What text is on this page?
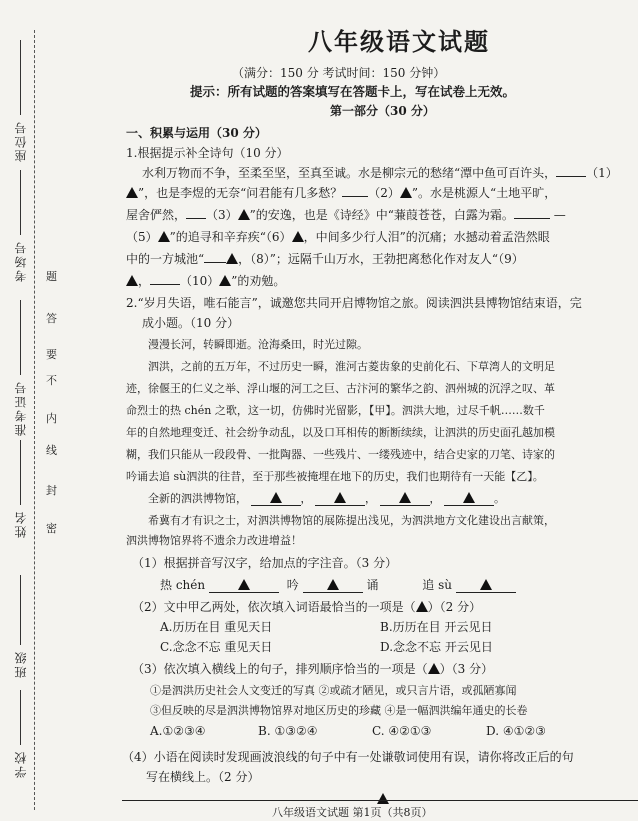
座位号
考场号
准考证号
姓名
班级
学校
题
答
要
不
内
线
封
密
八年级语文试题
（满分：150 分 考试时间：150 分钟）
提示：所有试题的答案填写在答题卡上，写在试卷上无效。
第一部分（30 分）
一、积累与运用（30 分）
1.根据提示补全诗句（10 分）
水利万物而不争，至柔至坚，至真至诚。水是柳宗元的愁绪“潭中鱼可百许头，	（1）
”，也是李煜的无奈“问君能有几多愁？ （2） ”。水是桃源人“土地平旷，
屋舍俨然， （3） ”的安逸，也是《诗经》中“蒹葭苍苍，白露为霜。	—
（5） ”的追寻和辛弃疾“（6） ，中间多少行人泪”的沉痛；水撼动着孟浩然眼
中的一方城池“	，（8）”；远隔千山万水，王勃把离愁化作对友人“（9）
，	（10） ”的劝勉。
2.“岁月失语，唯石能言”，诚邀您共同开启博物馆之旅。阅读泗洪县博物馆结束语，完
成小题。（10 分）
漫漫长河，转瞬即逝。沧海桑田，时光过隙。
泗洪，之前的五万年，不过历史一瞬，淮河古菱齿象的史前化石、下草湾人的文明足
迹，徐偃王的仁义之举、浮山堰的河工之巨、古汴河的繁华之韵、泗州城的沉浮之叹、革
命烈士的热 chén 之歌，这一切，仿佛时光留影，【甲】。泗洪大地，过尽千帆……数千
年的自然地理变迁、社会纷争动乱，以及口耳相传的断断续续，让泗洪的历史面孔越加模
糊，我们只能从一段段骨、一批陶器、一些残片、一缕残迹中，结合史家的刀笔、诗家的
吟诵去追 sù泗洪的往昔，至于那些被掩埋在地下的历史，我们也期待有一天能【乙】。
全新的泗洪博物馆，	，	，	，	。
希冀有才有识之士，对泗洪博物馆的展陈提出浅见，为泗洪地方文化建设出言献策，
泗洪博物馆界将不遗余力改进增益！
（1）根据拼音写汉字，给加点的字注音。（3 分）
热 chén	吟	诵	追 sù
（2）文中甲乙两处，依次填入词语最恰当的一项是（ ）（2 分）
A.历历在目 重见天日	B.历历在目 开云见日
C.念念不忘 重见天日	D.念念不忘 开云见日
（3）依次填入横线上的句子，排列顺序恰当的一项是（ ）（3 分）
①是泗洪历史社会人文变迁的写真 ②或疏才陋见，或只言片语，或孤陋寡闻
③但反映的尽是泗洪博物馆界对地区历史的珍藏 ④是一幅泗洪编年通史的长卷
A.①②③④	B. ①③②④	C. ④②①③	D. ④①②③
（4）小语在阅读时发现画波浪线的句子中有一处谦敬词使用有误，请你将改正后的句
写在横线上。（2 分）
八年级语文试题 第1页（共8页）
